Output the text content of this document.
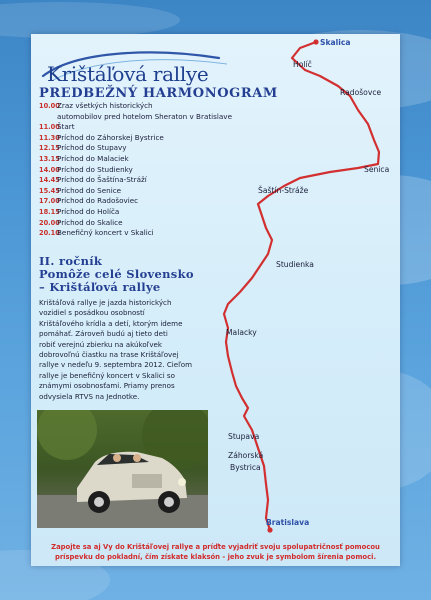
Krištáľová rallye
PREDBEŽNÝ HARMONOGRAM
10.00
Zraz všetkých historických
automobilov pred hotelom Sheraton v Bratislave
11.00
Štart
11.30
Príchod do Záhorskej Bystrice
12.15
Príchod do Stupavy
13.15
Príchod do Malaciek
14.00
Príchod do Studienky
14.45
Príchod do Šaštína-Stráží
15.45
Príchod do Senice
17.00
Príchod do Radošoviec
18.15
Príchod do Holíča
20.00
Príchod do Skalice
20.10
Benefičný koncert v Skalici
II. ročník
Pomôže celé Slovensko
– Krištáľová rallye
Krištáľová rallye je jazda historických
vozidiel s posádkou osobností
Krištáľového krídla a detí, ktorým ideme
pomáhať. Zároveň budú aj tieto deti
robiť verejnú zbierku na akúkoľvek
dobrovoľnú čiastku na trase Krištáľovej
rallye v nedeľu 9. septembra 2012. Cieľom
rallye je benefičný koncert v Skalici so
známymi osobnosťami. Priamy prenos
odvysiela RTVS na Jednotke.
Zapojte sa aj Vy do Krištáľovej rallye a príďte vyjadriť svoju spolupatričnosť pomocou
príspevku do pokladní, čím získate klaksón - jeho zvuk je symbolom šírenia pomoci.
Skalica
Holíč
Radošovce
Senica
Šaštín-Stráže
Studienka
Malacky
Stupava
Záhorská
Bystrica
Bratislava
